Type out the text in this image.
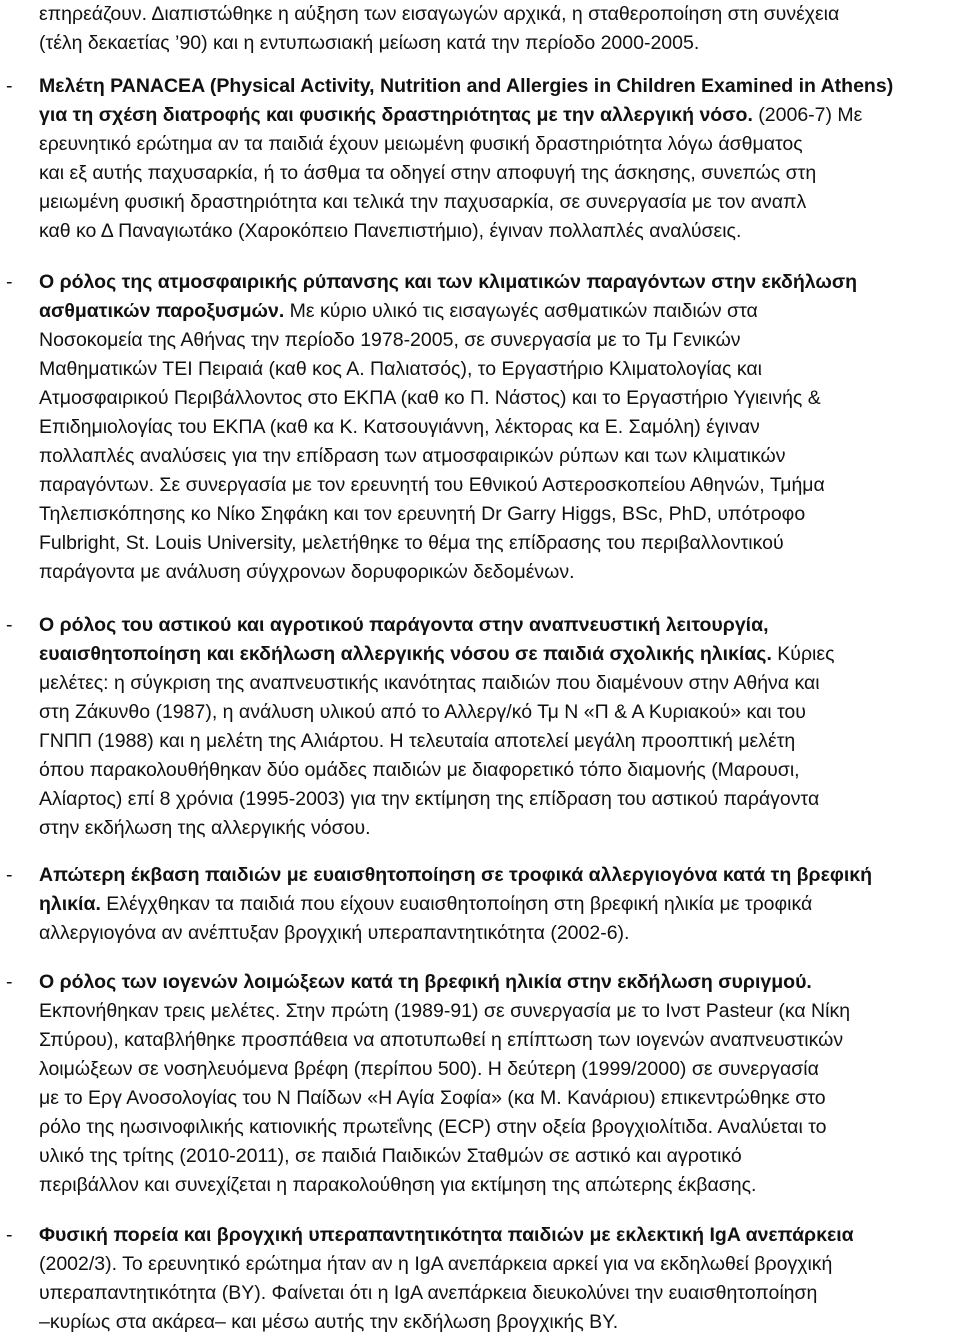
επηρεάζουν. Διαπιστώθηκε η αύξηση των εισαγωγών αρχικά, η σταθεροποίηση στη συνέχεια
(τέλη δεκαετίας ’90) και η εντυπωσιακή μείωση κατά την περίοδο 2000-2005.
- Μελέτη PANACEA (Physical Activity, Nutrition and Allergies in Children Examined in Athens)
για τη σχέση διατροφής και φυσικής δραστηριότητας με την αλλεργική νόσο. (2006-7) Με
ερευνητικό ερώτημα αν τα παιδιά έχουν μειωμένη φυσική δραστηριότητα λόγω άσθματος
και εξ αυτής παχυσαρκία, ή το άσθμα τα οδηγεί στην αποφυγή της άσκησης, συνεπώς στη
μειωμένη φυσική δραστηριότητα και τελικά την παχυσαρκία, σε συνεργασία με τον αναπλ
καθ κο Δ Παναγιωτάκο (Χαροκόπειο Πανεπιστήμιο), έγιναν πολλαπλές αναλύσεις.
- Ο ρόλος της ατμοσφαιρικής ρύπανσης και των κλιματικών παραγόντων στην εκδήλωση
ασθματικών παροξυσμών. Με κύριο υλικό τις εισαγωγές ασθματικών παιδιών στα
Νοσοκομεία της Αθήνας την περίοδο 1978-2005, σε συνεργασία με το Τμ Γενικών
Μαθηματικών ΤΕΙ Πειραιά (καθ κος Α. Παλιατσός), το Εργαστήριο Κλιματολογίας και
Ατμοσφαιρικού Περιβάλλοντος στο ΕΚΠΑ (καθ κο Π. Νάστος) και το Εργαστήριο Υγιεινής &
Επιδημιολογίας του ΕΚΠΑ (καθ κα Κ. Κατσουγιάννη, λέκτορας κα Ε. Σαμόλη) έγιναν
πολλαπλές αναλύσεις για την επίδραση των ατμοσφαιρικών ρύπων και των κλιματικών
παραγόντων. Σε συνεργασία με τον ερευνητή του Εθνικού Αστεροσκοπείου Αθηνών, Τμήμα
Τηλεπισκόπησης κο Νίκο Σηφάκη και τον ερευνητή Dr Garry Higgs, BSc, PhD, υπότροφο
Fulbright, St. Louis University, μελετήθηκε το θέμα της επίδρασης του περιβαλλοντικού
παράγοντα με ανάλυση σύγχρονων δορυφορικών δεδομένων.
- Ο ρόλος του αστικού και αγροτικού παράγοντα στην αναπνευστική λειτουργία,
ευαισθητοποίηση και εκδήλωση αλλεργικής νόσου σε παιδιά σχολικής ηλικίας. Κύριες
μελέτες: η σύγκριση της αναπνευστικής ικανότητας παιδιών που διαμένουν στην Αθήνα και
στη Ζάκυνθο (1987), η ανάλυση υλικού από το Αλλεργ/κό Τμ Ν «Π & Α Κυριακού» και του
ΓΝΠΠ (1988) και η μελέτη της Αλιάρτου. Η τελευταία αποτελεί μεγάλη προοπτική μελέτη
όπου παρακολουθήθηκαν δύο ομάδες παιδιών με διαφορετικό τόπο διαμονής (Μαρουσι,
Αλίαρτος) επί 8 χρόνια (1995-2003) για την εκτίμηση της επίδραση του αστικού παράγοντα
στην εκδήλωση της αλλεργικής νόσου.
- Απώτερη έκβαση παιδιών με ευαισθητοποίηση σε τροφικά αλλεργιογόνα κατά τη βρεφική
ηλικία. Ελέγχθηκαν τα παιδιά που είχουν ευαισθητοποίηση στη βρεφική ηλικία με τροφικά
αλλεργιογόνα αν ανέπτυξαν βρογχική υπεραπαντητικότητα (2002-6).
- Ο ρόλος των ιογενών λοιμώξεων κατά τη βρεφική ηλικία στην εκδήλωση συριγμού.
Εκπονήθηκαν τρεις μελέτες. Στην πρώτη (1989-91) σε συνεργασία με το Ινστ Pasteur (κα Νίκη
Σπύρου), καταβλήθηκε προσπάθεια να αποτυπωθεί η επίπτωση των ιογενών αναπνευστικών
λοιμώξεων σε νοσηλευόμενα βρέφη (περίπου 500). Η δεύτερη (1999/2000) σε συνεργασία
με το Εργ Ανοσολογίας του Ν Παίδων «Η Αγία Σοφία» (κα Μ. Κανάριου) επικεντρώθηκε στο
ρόλο της ηωσινοφιλικής κατιονικής πρωτεΐνης (ECP) στην οξεία βρογχιολίτιδα. Αναλύεται το
υλικό της τρίτης (2010-2011), σε παιδιά Παιδικών Σταθμών σε αστικό και αγροτικό
περιβάλλον και συνεχίζεται η παρακολούθηση για εκτίμηση της απώτερης έκβασης.
- Φυσική πορεία και βρογχική υπεραπαντητικότητα παιδιών με εκλεκτική IgA ανεπάρκεια
(2002/3). Το ερευνητικό ερώτημα ήταν αν η IgA ανεπάρκεια αρκεί για να εκδηλωθεί βρογχική
υπεραπαντητικότητα (ΒΥ). Φαίνεται ότι η IgA ανεπάρκεια διευκολύνει την ευαισθητοποίηση
–κυρίως στα ακάρεα– και μέσω αυτής την εκδήλωση βρογχικής ΒΥ.
